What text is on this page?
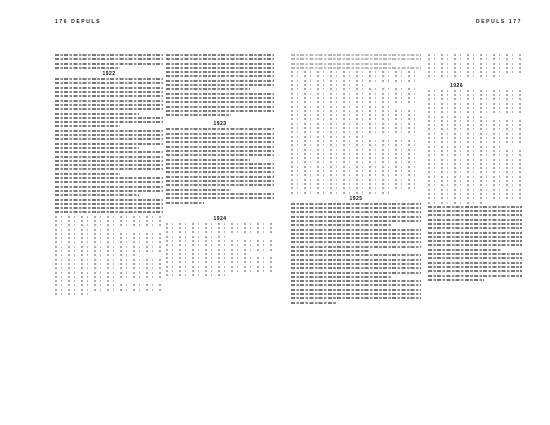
176 DEPULS	DEPULS 177
1922
1923
1924
1925
1926
